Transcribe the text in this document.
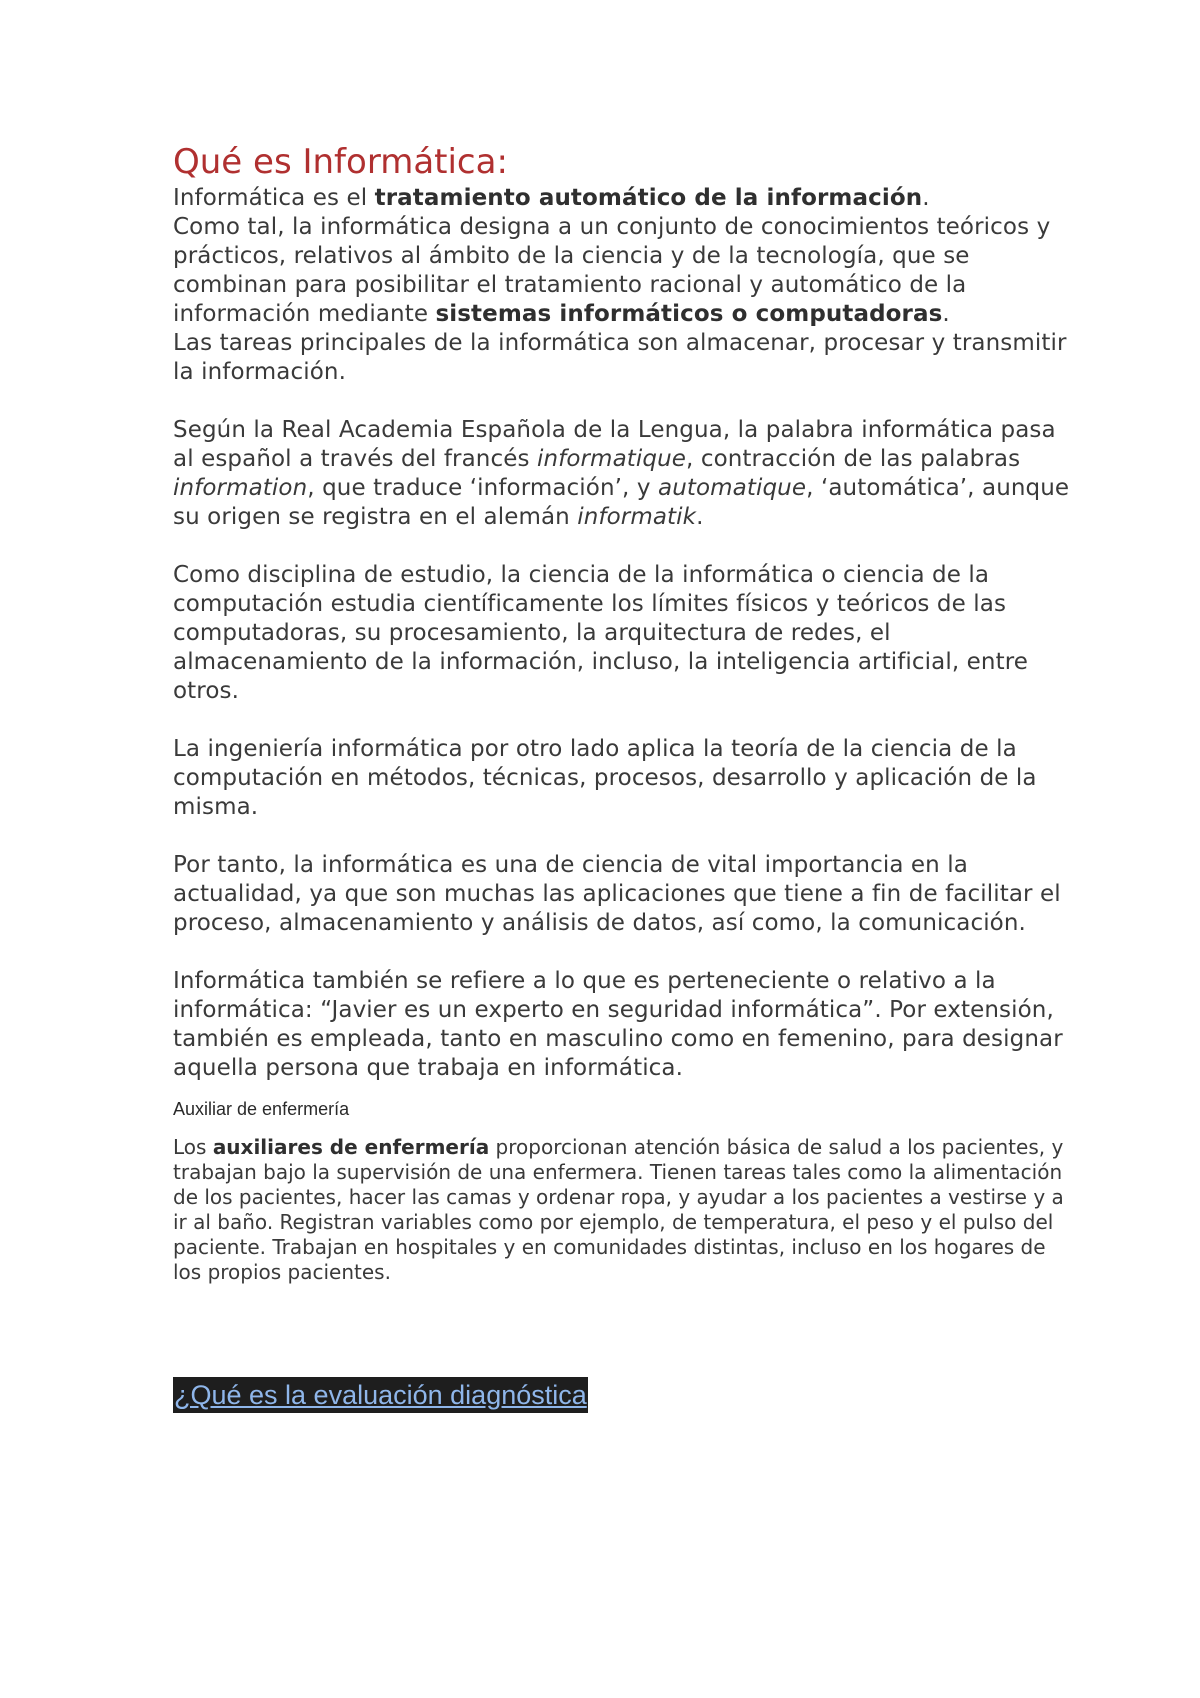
Qué es Informática:

Informática es el tratamiento automático de la información.
Como tal, la informática designa a un conjunto de conocimientos teóricos y prácticos, relativos al ámbito de la ciencia y de la tecnología, que se combinan para posibilitar el tratamiento racional y automático de la información mediante sistemas informáticos o computadoras.
Las tareas principales de la informática son almacenar, procesar y transmitir la información.

Según la Real Academia Española de la Lengua, la palabra informática pasa al español a través del francés informatique, contracción de las palabras information, que traduce ‘información’, y automatique, ‘automática’, aunque su origen se registra en el alemán informatik.

Como disciplina de estudio, la ciencia de la informática o ciencia de la computación estudia científicamente los límites físicos y teóricos de las computadoras, su procesamiento, la arquitectura de redes, el almacenamiento de la información, incluso, la inteligencia artificial, entre otros.

La ingeniería informática por otro lado aplica la teoría de la ciencia de la computación en métodos, técnicas, procesos, desarrollo y aplicación de la misma.

Por tanto, la informática es una de ciencia de vital importancia en la actualidad, ya que son muchas las aplicaciones que tiene a fin de facilitar el proceso, almacenamiento y análisis de datos, así como, la comunicación.

Informática también se refiere a lo que es perteneciente o relativo a la informática: “Javier es un experto en seguridad informática”. Por extensión, también es empleada, tanto en masculino como en femenino, para designar aquella persona que trabaja en informática.

Auxiliar de enfermería

Los auxiliares de enfermería proporcionan atención básica de salud a los pacientes, y trabajan bajo la supervisión de una enfermera. Tienen tareas tales como la alimentación de los pacientes, hacer las camas y ordenar ropa, y ayudar a los pacientes a vestirse y a ir al baño. Registran variables como por ejemplo, de temperatura, el peso y el pulso del paciente. Trabajan en hospitales y en comunidades distintas, incluso en los hogares de los propios pacientes.

¿Qué es la evaluación diagnóstica
